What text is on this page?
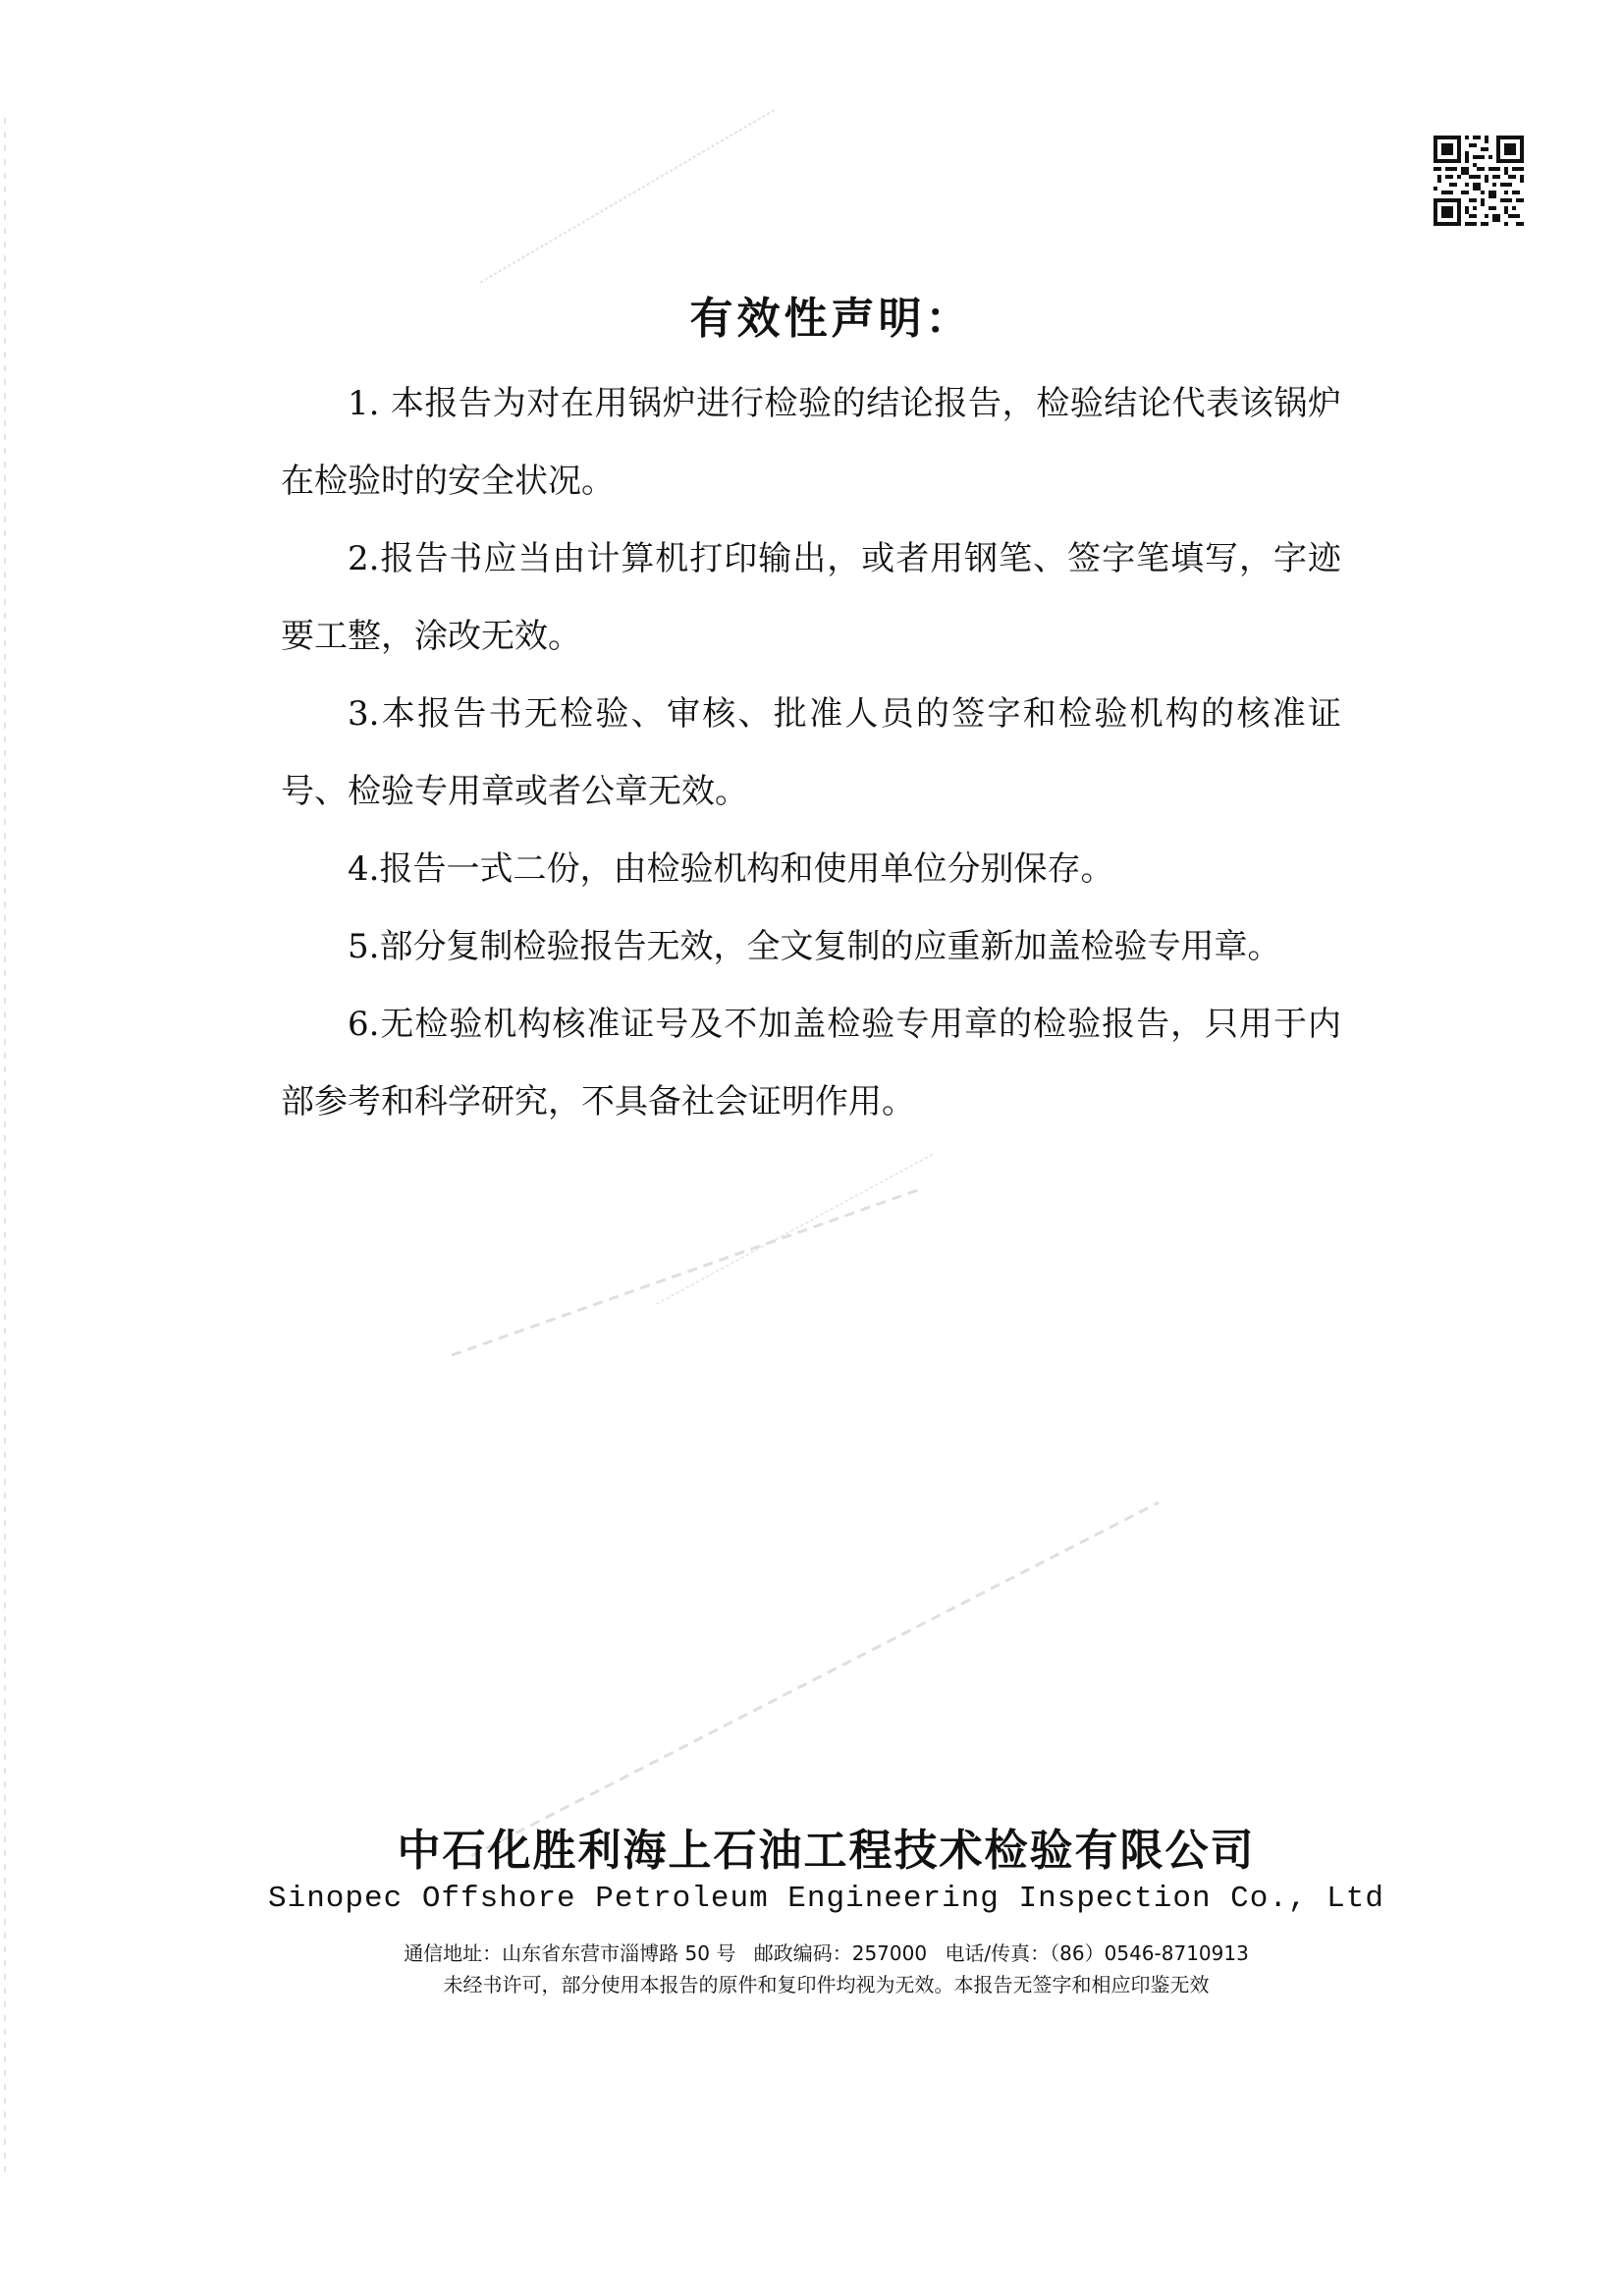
有效性声明：

1. 本报告为对在用锅炉进行检验的结论报告，检验结论代表该锅炉在检验时的安全状况。

2.报告书应当由计算机打印输出，或者用钢笔、签字笔填写，字迹要工整，涂改无效。

3.本报告书无检验、审核、批准人员的签字和检验机构的核准证号、检验专用章或者公章无效。

4.报告一式二份，由检验机构和使用单位分别保存。

5.部分复制检验报告无效，全文复制的应重新加盖检验专用章。

6.无检验机构核准证号及不加盖检验专用章的检验报告，只用于内部参考和科学研究，不具备社会证明作用。

中石化胜利海上石油工程技术检验有限公司
Sinopec Offshore Petroleum Engineering Inspection Co., Ltd
通信地址：山东省东营市淄博路 50 号 邮政编码：257000 电话/传真：（86）0546-8710913
未经书许可，部分使用本报告的原件和复印件均视为无效。本报告无签字和相应印鉴无效
